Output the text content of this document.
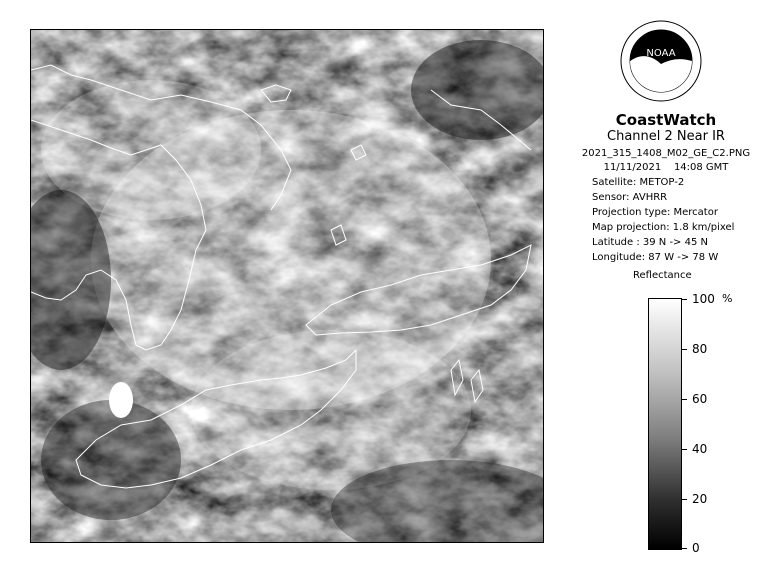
NOAA
CoastWatch
Channel 2 Near IR
2021_315_1408_M02_GE_C2.PNG
11/11/2021 14:08 GMT
Satellite: METOP-2
Sensor: AVHRR
Projection type: Mercator
Map projection: 1.8 km/pixel
Latitude : 39 N -> 45 N
Longitude: 87 W -> 78 W
Reflectance
%
100
80
60
40
20
0
